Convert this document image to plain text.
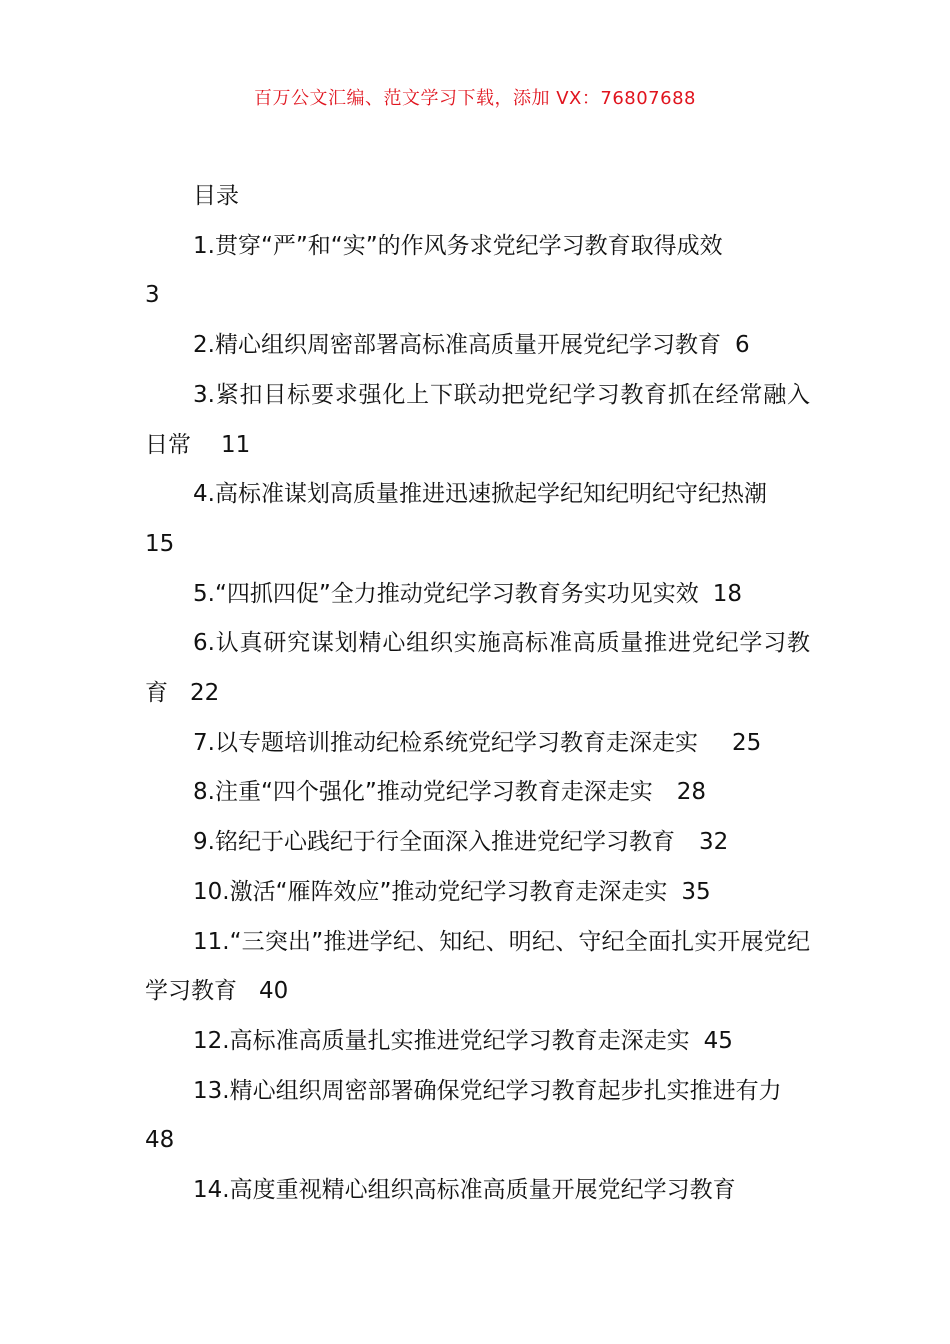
百万公文汇编、范文学习下载，添加 VX：76807688
目录
1.贯穿“严”和“实”的作风务求党纪学习教育取得成效
3
2.精心组织周密部署高标准高质量开展党纪学习教育 6
3.紧扣目标要求强化上下联动把党纪学习教育抓在经常融入日常 11
4.高标准谋划高质量推进迅速掀起学纪知纪明纪守纪热潮
15
5.“四抓四促”全力推动党纪学习教育务实功见实效 18
6.认真研究谋划精心组织实施高标准高质量推进党纪学习教育 22
7.以专题培训推动纪检系统党纪学习教育走深走实 25
8.注重“四个强化”推动党纪学习教育走深走实 28
9.铭纪于心践纪于行全面深入推进党纪学习教育 32
10.激活“雁阵效应”推动党纪学习教育走深走实 35
11.“三突出”推进学纪、知纪、明纪、守纪全面扎实开展党纪学习教育 40
12.高标准高质量扎实推进党纪学习教育走深走实 45
13.精心组织周密部署确保党纪学习教育起步扎实推进有力
48
14.高度重视精心组织高标准高质量开展党纪学习教育
